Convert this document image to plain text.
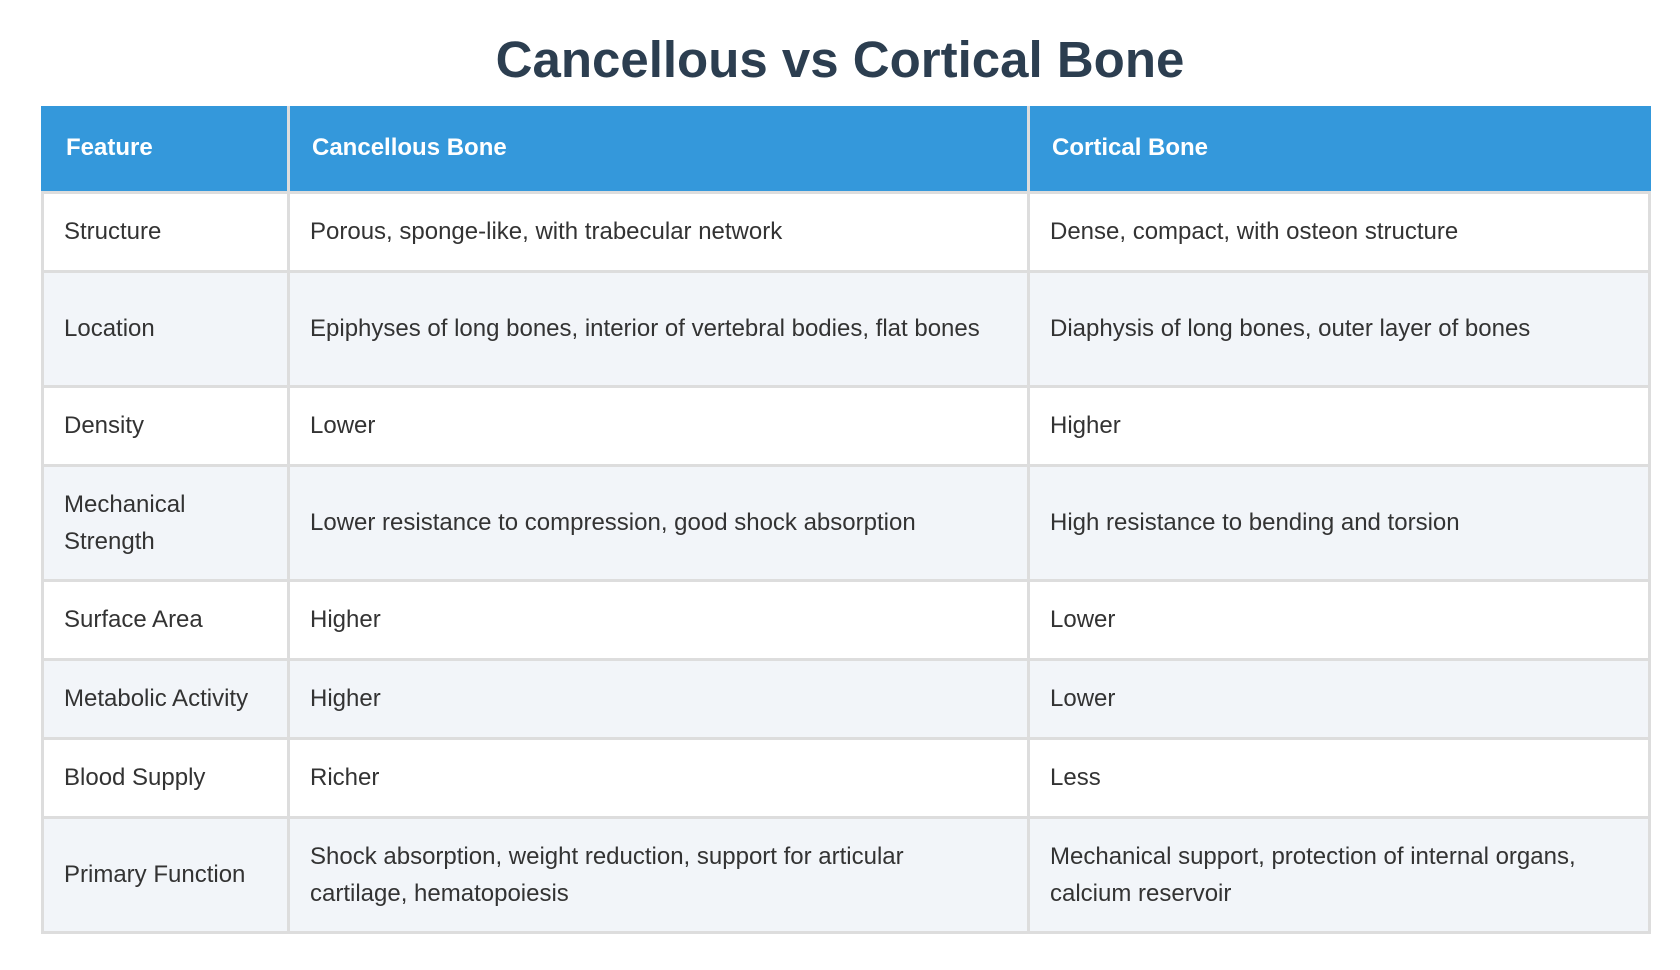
Cancellous vs Cortical Bone
Feature	Cancellous Bone	Cortical Bone
Structure	Porous, sponge-like, with trabecular network	Dense, compact, with osteon structure
Location	Epiphyses of long bones, interior of vertebral bodies, flat bones	Diaphysis of long bones, outer layer of bones
Density	Lower	Higher
Mechanical Strength	Lower resistance to compression, good shock absorption	High resistance to bending and torsion
Surface Area	Higher	Lower
Metabolic Activity	Higher	Lower
Blood Supply	Richer	Less
Primary Function	Shock absorption, weight reduction, support for articular cartilage, hematopoiesis	Mechanical support, protection of internal organs, calcium reservoir
